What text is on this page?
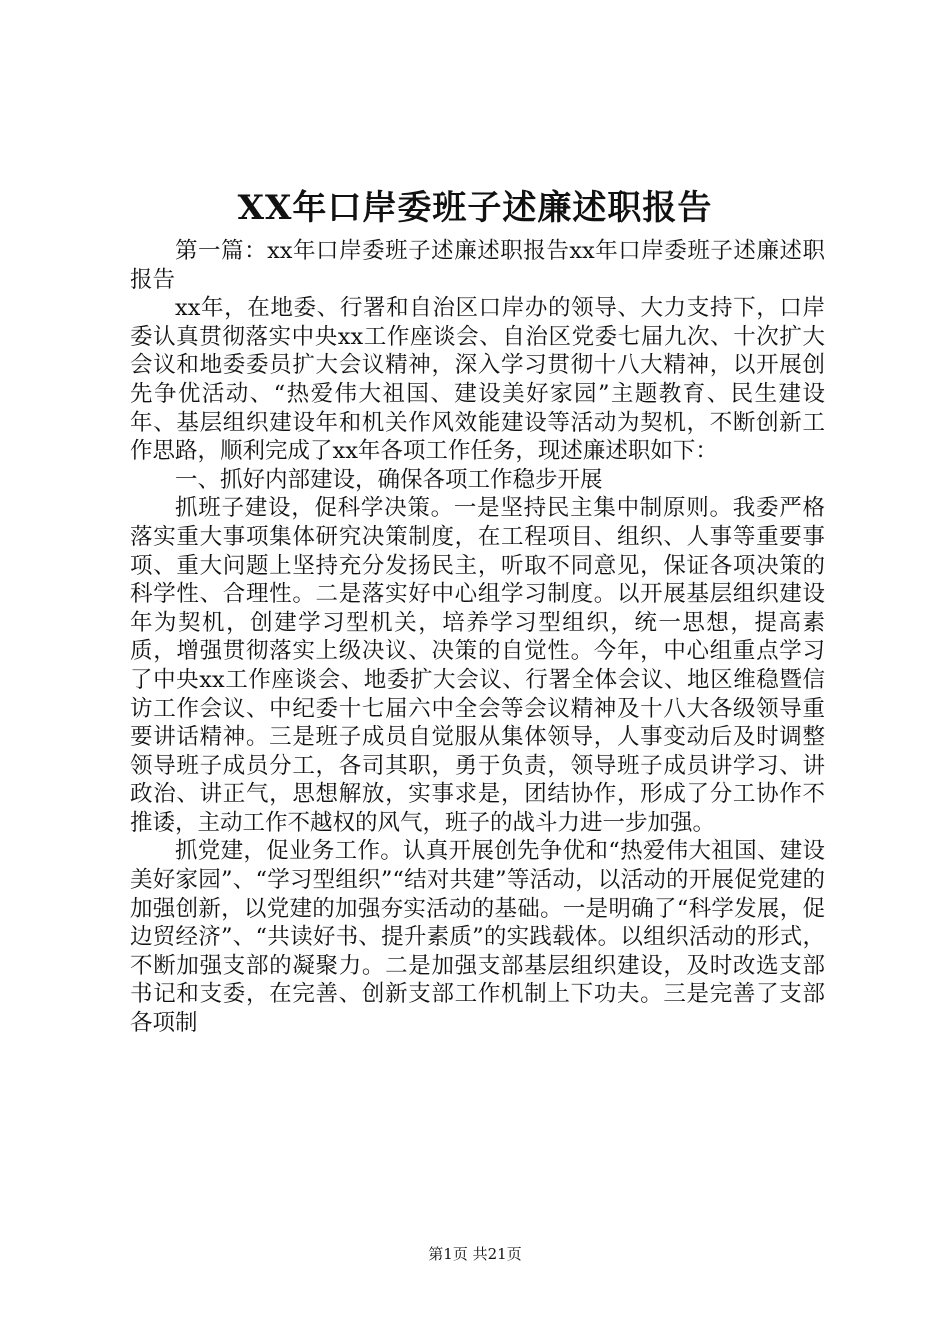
XX年口岸委班子述廉述职报告

第一篇：xx年口岸委班子述廉述职报告xx年口岸委班子述廉述职报告

xx年，在地委、行署和自治区口岸办的领导、大力支持下，口岸委认真贯彻落实中央xx工作座谈会、自治区党委七届九次、十次扩大会议和地委委员扩大会议精神，深入学习贯彻十八大精神，以开展创先争优活动、“热爱伟大祖国、建设美好家园”主题教育、民生建设年、基层组织建设年和机关作风效能建设等活动为契机，不断创新工作思路，顺利完成了xx年各项工作任务，现述廉述职如下：

一、抓好内部建设，确保各项工作稳步开展

抓班子建设，促科学决策。一是坚持民主集中制原则。我委严格落实重大事项集体研究决策制度，在工程项目、组织、人事等重要事项、重大问题上坚持充分发扬民主，听取不同意见，保证各项决策的科学性、合理性。二是落实好中心组学习制度。以开展基层组织建设年为契机，创建学习型机关，培养学习型组织，统一思想，提高素质，增强贯彻落实上级决议、决策的自觉性。今年，中心组重点学习了中央xx工作座谈会、地委扩大会议、行署全体会议、地区维稳暨信访工作会议、中纪委十七届六中全会等会议精神及十八大各级领导重要讲话精神。三是班子成员自觉服从集体领导，人事变动后及时调整领导班子成员分工，各司其职，勇于负责，领导班子成员讲学习、讲政治、讲正气，思想解放，实事求是，团结协作，形成了分工协作不推诿，主动工作不越权的风气，班子的战斗力进一步加强。

抓党建，促业务工作。认真开展创先争优和“热爱伟大祖国、建设美好家园”、“学习型组织”“结对共建”等活动，以活动的开展促党建的加强创新，以党建的加强夯实活动的基础。一是明确了“科学发展，促边贸经济”、“共读好书、提升素质”的实践载体。以组织活动的形式，不断加强支部的凝聚力。二是加强支部基层组织建设，及时改选支部书记和支委，在完善、创新支部工作机制上下功夫。三是完善了支部各项制

第1页 共21页
